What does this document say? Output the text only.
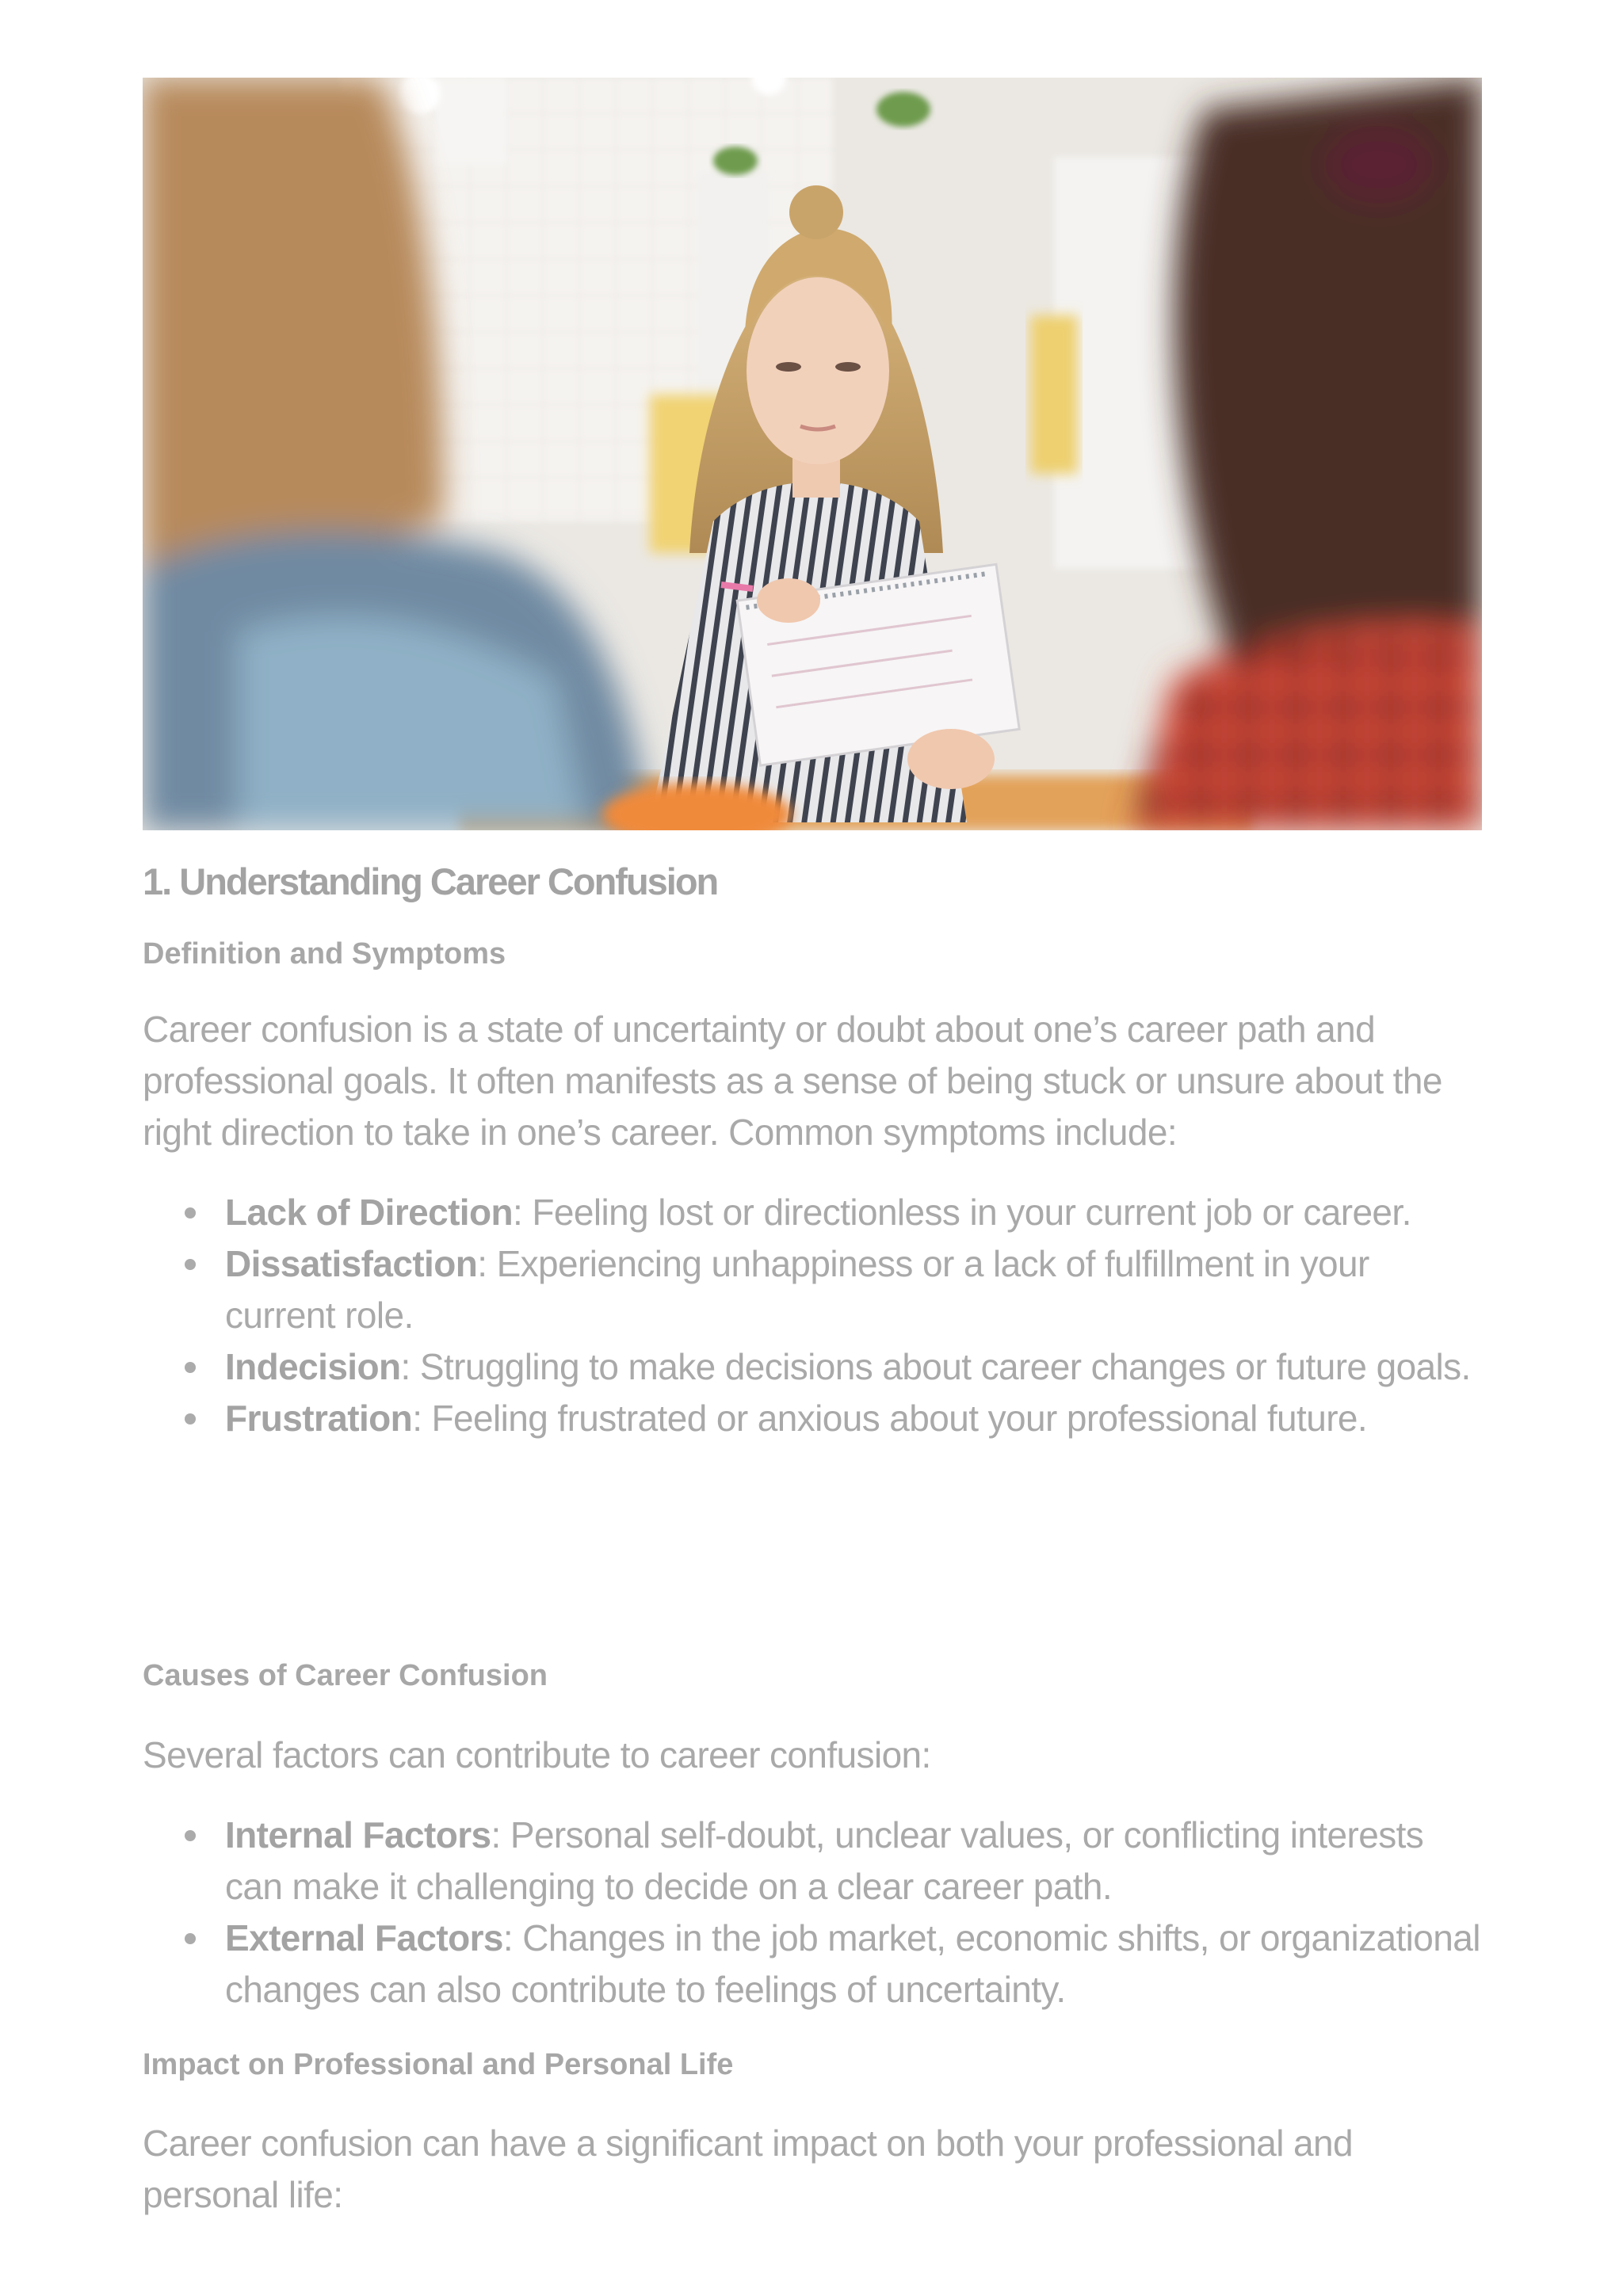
1. Understanding Career Confusion
Definition and Symptoms

Career confusion is a state of uncertainty or doubt about one’s career path and professional goals. It often manifests as a sense of being stuck or unsure about the right direction to take in one’s career. Common symptoms include:

Lack of Direction: Feeling lost or directionless in your current job or career.
Dissatisfaction: Experiencing unhappiness or a lack of fulfillment in your current role.
Indecision: Struggling to make decisions about career changes or future goals.
Frustration: Feeling frustrated or anxious about your professional future.
Causes of Career Confusion

Several factors can contribute to career confusion:

Internal Factors: Personal self-doubt, unclear values, or conflicting interests can make it challenging to decide on a clear career path.
External Factors: Changes in the job market, economic shifts, or organizational changes can also contribute to feelings of uncertainty.
Impact on Professional and Personal Life

Career confusion can have a significant impact on both your professional and personal life:
